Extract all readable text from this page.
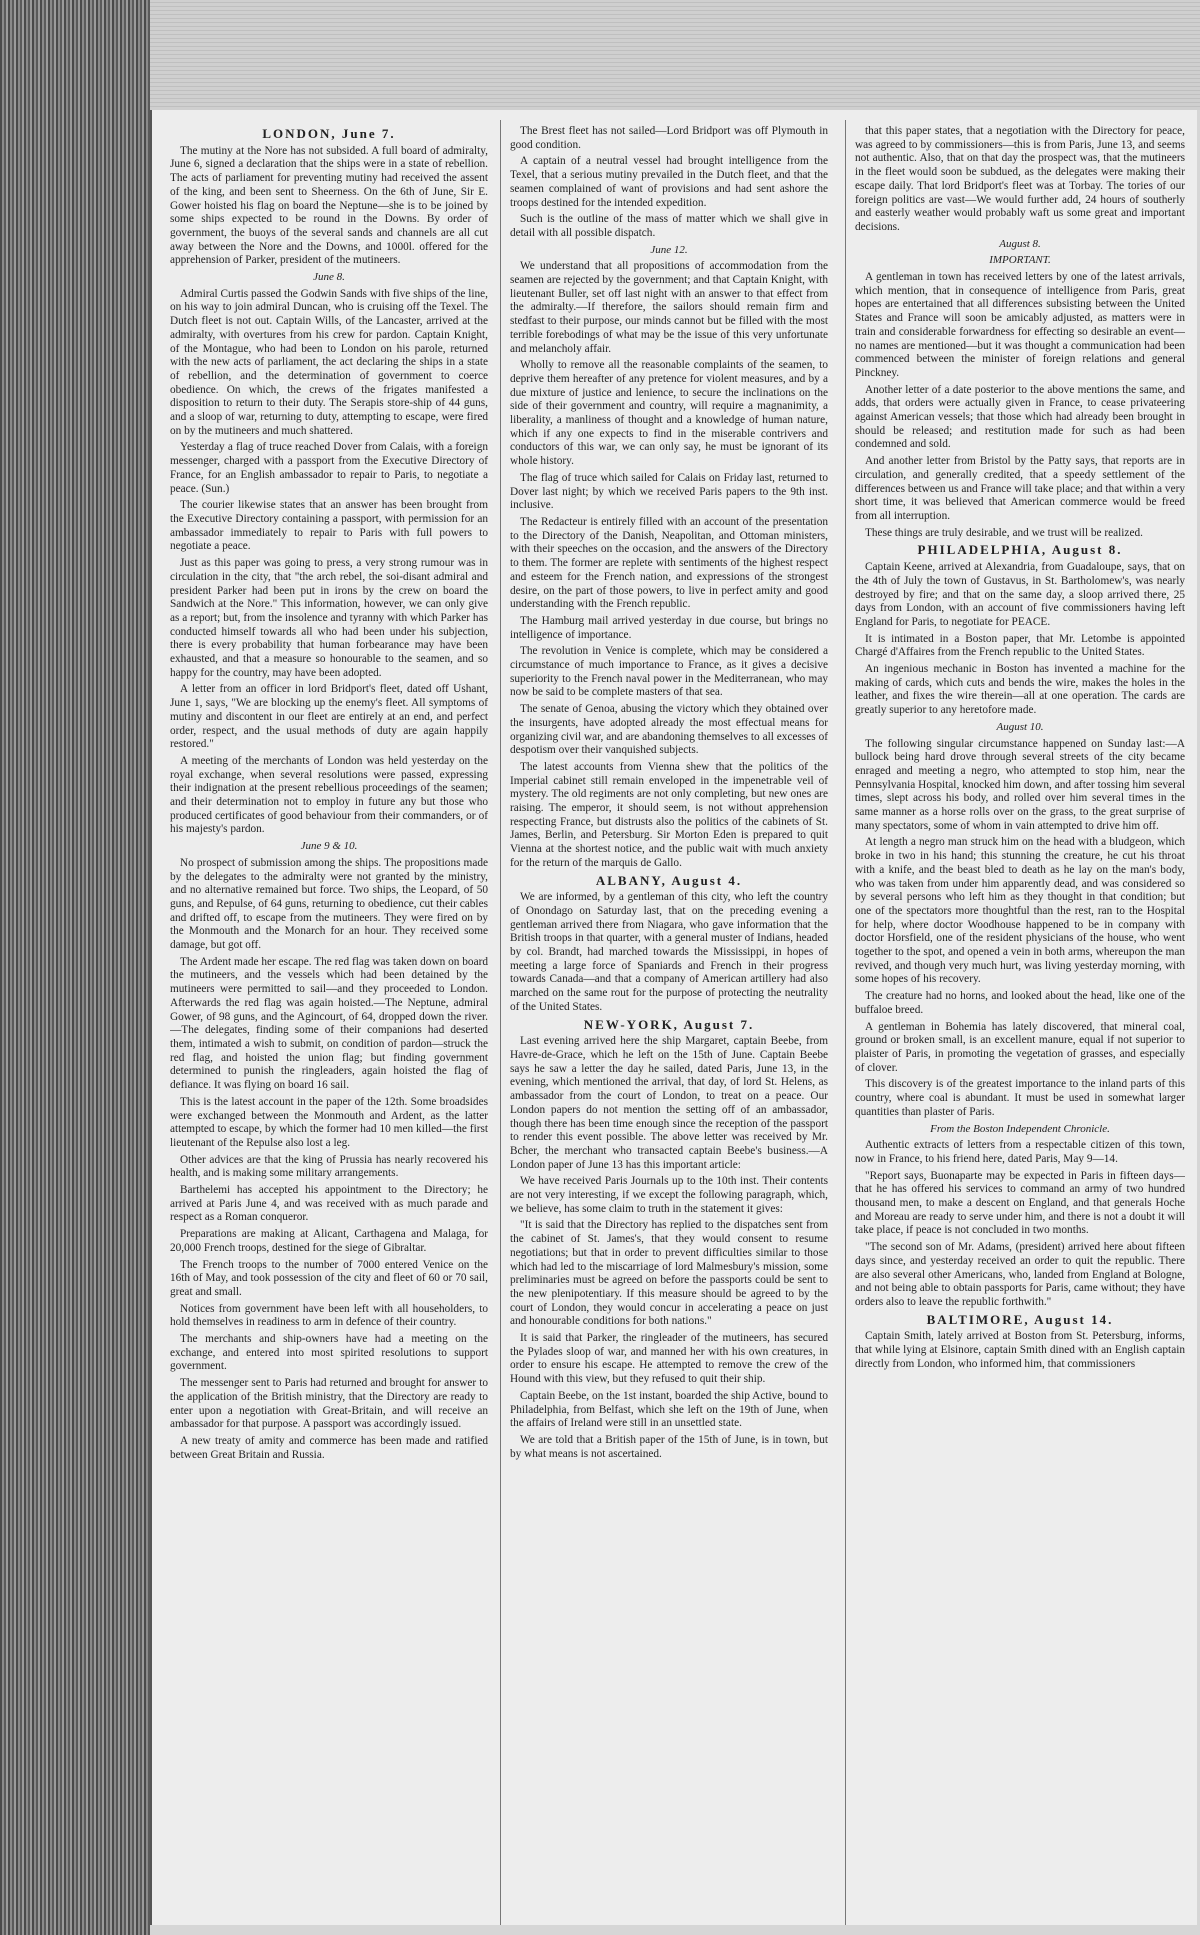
LONDON, June 7.

The mutiny at the Nore has not subsided. A full board of admiralty, June 6, signed a declaration that the ships were in a state of rebellion. The acts of parliament for preventing mutiny had received the assent of the king, and been sent to Sheerness. On the 6th of June, Sir E. Gower hoisted his flag on board the Neptune—she is to be joined by some ships expected to be round in the Downs. By order of government, the buoys of the several sands and channels are all cut away between the Nore and the Downs, and 1000l. offered for the apprehension of Parker, president of the mutineers.

June 8.

Admiral Curtis passed the Godwin Sands with five ships of the line, on his way to join admiral Duncan, who is cruising off the Texel. The Dutch fleet is not out. Captain Wills, of the Lancaster, arrived at the admiralty, with overtures from his crew for pardon. Captain Knight, of the Montague, who had been to London on his parole, returned with the new acts of parliament, the act declaring the ships in a state of rebellion, and the determination of government to coerce obedience. On which, the crews of the frigates manifested a disposition to return to their duty. The Serapis store-ship of 44 guns, and a sloop of war, returning to duty, attempting to escape, were fired on by the mutineers and much shattered.

Yesterday a flag of truce reached Dover from Calais, with a foreign messenger, charged with a passport from the Executive Directory of France, for an English ambassador to repair to Paris, to negotiate a peace. (Sun.)

The courier likewise states that an answer has been brought from the Executive Directory containing a passport, with permission for an ambassador immediately to repair to Paris with full powers to negotiate a peace.

Just as this paper was going to press, a very strong rumour was in circulation in the city, that "the arch rebel, the soi-disant admiral and president Parker had been put in irons by the crew on board the Sandwich at the Nore." This information, however, we can only give as a report; but, from the insolence and tyranny with which Parker has conducted himself towards all who had been under his subjection, there is every probability that human forbearance may have been exhausted, and that a measure so honourable to the seamen, and so happy for the country, may have been adopted.

A letter from an officer in lord Bridport's fleet, dated off Ushant, June 1, says, "We are blocking up the enemy's fleet. All symptoms of mutiny and discontent in our fleet are entirely at an end, and perfect order, respect, and the usual methods of duty are again happily restored."

A meeting of the merchants of London was held yesterday on the royal exchange, when several resolutions were passed, expressing their indignation at the present rebellious proceedings of the seamen; and their determination not to employ in future any but those who produced certificates of good behaviour from their commanders, or of his majesty's pardon.

June 9 & 10.

No prospect of submission among the ships. The propositions made by the delegates to the admiralty were not granted by the ministry, and no alternative remained but force. Two ships, the Leopard, of 50 guns, and Repulse, of 64 guns, returning to obedience, cut their cables and drifted off, to escape from the mutineers. They were fired on by the Monmouth and the Monarch for an hour. They received some damage, but got off.

The Ardent made her escape. The red flag was taken down on board the mutineers, and the vessels which had been detained by the mutineers were permitted to sail—and they proceeded to London. Afterwards the red flag was again hoisted.—The Neptune, admiral Gower, of 98 guns, and the Agincourt, of 64, dropped down the river.—The delegates, finding some of their companions had deserted them, intimated a wish to submit, on condition of pardon—struck the red flag, and hoisted the union flag; but finding government determined to punish the ringleaders, again hoisted the flag of defiance. It was flying on board 16 sail.

This is the latest account in the paper of the 12th. Some broadsides were exchanged between the Monmouth and Ardent, as the latter attempted to escape, by which the former had 10 men killed—the first lieutenant of the Repulse also lost a leg.

Other advices are that the king of Prussia has nearly recovered his health, and is making some military arrangements.

Barthelemi has accepted his appointment to the Directory; he arrived at Paris June 4, and was received with as much parade and respect as a Roman conqueror.

Preparations are making at Alicant, Carthagena and Malaga, for 20,000 French troops, destined for the siege of Gibraltar.

The French troops to the number of 7000 entered Venice on the 16th of May, and took possession of the city and fleet of 60 or 70 sail, great and small.

Notices from government have been left with all householders, to hold themselves in readiness to arm in defence of their country.

The merchants and ship-owners have had a meeting on the exchange, and entered into most spirited resolutions to support government.

The messenger sent to Paris had returned and brought for answer to the application of the British ministry, that the Directory are ready to enter upon a negotiation with Great-Britain, and will receive an ambassador for that purpose. A passport was accordingly issued.

A new treaty of amity and commerce has been made and ratified between Great Britain and Russia.

The Brest fleet has not sailed—Lord Bridport was off Plymouth in good condition.

A captain of a neutral vessel had brought intelligence from the Texel, that a serious mutiny prevailed in the Dutch fleet, and that the seamen complained of want of provisions and had sent ashore the troops destined for the intended expedition.

Such is the outline of the mass of matter which we shall give in detail with all possible dispatch.

June 12.

We understand that all propositions of accommodation from the seamen are rejected by the government; and that Captain Knight, with lieutenant Buller, set off last night with an answer to that effect from the admiralty.—If therefore, the sailors should remain firm and stedfast to their purpose, our minds cannot but be filled with the most terrible forebodings of what may be the issue of this very unfortunate and melancholy affair.

Wholly to remove all the reasonable complaints of the seamen, to deprive them hereafter of any pretence for violent measures, and by a due mixture of justice and lenience, to secure the inclinations on the side of their government and country, will require a magnanimity, a liberality, a manliness of thought and a knowledge of human nature, which if any one expects to find in the miserable contrivers and conductors of this war, we can only say, he must be ignorant of its whole history.

The flag of truce which sailed for Calais on Friday last, returned to Dover last night; by which we received Paris papers to the 9th inst. inclusive.

The Redacteur is entirely filled with an account of the presentation to the Directory of the Danish, Neapolitan, and Ottoman ministers, with their speeches on the occasion, and the answers of the Directory to them. The former are replete with sentiments of the highest respect and esteem for the French nation, and expressions of the strongest desire, on the part of those powers, to live in perfect amity and good understanding with the French republic.

The Hamburg mail arrived yesterday in due course, but brings no intelligence of importance.

The revolution in Venice is complete, which may be considered a circumstance of much importance to France, as it gives a decisive superiority to the French naval power in the Mediterranean, who may now be said to be complete masters of that sea.

The senate of Genoa, abusing the victory which they obtained over the insurgents, have adopted already the most effectual means for organizing civil war, and are abandoning themselves to all excesses of despotism over their vanquished subjects.

The latest accounts from Vienna shew that the politics of the Imperial cabinet still remain enveloped in the impenetrable veil of mystery. The old regiments are not only completing, but new ones are raising. The emperor, it should seem, is not without apprehension respecting France, but distrusts also the politics of the cabinets of St. James, Berlin, and Petersburg. Sir Morton Eden is prepared to quit Vienna at the shortest notice, and the public wait with much anxiety for the return of the marquis de Gallo.

ALBANY, August 4.

We are informed, by a gentleman of this city, who left the country of Onondago on Saturday last, that on the preceding evening a gentleman arrived there from Niagara, who gave information that the British troops in that quarter, with a general muster of Indians, headed by col. Brandt, had marched towards the Mississippi, in hopes of meeting a large force of Spaniards and French in their progress towards Canada—and that a company of American artillery had also marched on the same rout for the purpose of protecting the neutrality of the United States.

NEW-YORK, August 7.

Last evening arrived here the ship Margaret, captain Beebe, from Havre-de-Grace, which he left on the 15th of June. Captain Beebe says he saw a letter the day he sailed, dated Paris, June 13, in the evening, which mentioned the arrival, that day, of lord St. Helens, as ambassador from the court of London, to treat on a peace. Our London papers do not mention the setting off of an ambassador, though there has been time enough since the reception of the passport to render this event possible. The above letter was received by Mr. Bcher, the merchant who transacted captain Beebe's business.—A London paper of June 13 has this important article:

We have received Paris Journals up to the 10th inst. Their contents are not very interesting, if we except the following paragraph, which, we believe, has some claim to truth in the statement it gives:

"It is said that the Directory has replied to the dispatches sent from the cabinet of St. James's, that they would consent to resume negotiations; but that in order to prevent difficulties similar to those which had led to the miscarriage of lord Malmesbury's mission, some preliminaries must be agreed on before the passports could be sent to the new plenipotentiary. If this measure should be agreed to by the court of London, they would concur in accelerating a peace on just and honourable conditions for both nations."

It is said that Parker, the ringleader of the mutineers, has secured the Pylades sloop of war, and manned her with his own creatures, in order to ensure his escape. He attempted to remove the crew of the Hound with this view, but they refused to quit their ship.

Captain Beebe, on the 1st instant, boarded the ship Active, bound to Philadelphia, from Belfast, which she left on the 19th of June, when the affairs of Ireland were still in an unsettled state.

We are told that a British paper of the 15th of June, is in town, but by what means is not ascertained.

that this paper states, that a negotiation with the Directory for peace, was agreed to by commissioners—this is from Paris, June 13, and seems not authentic. Also, that on that day the prospect was, that the mutineers in the fleet would soon be subdued, as the delegates were making their escape daily. That lord Bridport's fleet was at Torbay. The tories of our foreign politics are vast—We would further add, 24 hours of southerly and easterly weather would probably waft us some great and important decisions.

August 8.
IMPORTANT.

A gentleman in town has received letters by one of the latest arrivals, which mention, that in consequence of intelligence from Paris, great hopes are entertained that all differences subsisting between the United States and France will soon be amicably adjusted, as matters were in train and considerable forwardness for effecting so desirable an event—no names are mentioned—but it was thought a communication had been commenced between the minister of foreign relations and general Pinckney.

Another letter of a date posterior to the above mentions the same, and adds, that orders were actually given in France, to cease privateering against American vessels; that those which had already been brought in should be released; and restitution made for such as had been condemned and sold.

And another letter from Bristol by the Patty says, that reports are in circulation, and generally credited, that a speedy settlement of the differences between us and France will take place; and that within a very short time, it was believed that American commerce would be freed from all interruption.

These things are truly desirable, and we trust will be realized.

PHILADELPHIA, August 8.

Captain Keene, arrived at Alexandria, from Guadaloupe, says, that on the 4th of July the town of Gustavus, in St. Bartholomew's, was nearly destroyed by fire; and that on the same day, a sloop arrived there, 25 days from London, with an account of five commissioners having left England for Paris, to negotiate for PEACE.

It is intimated in a Boston paper, that Mr. Letombe is appointed Chargé d'Affaires from the French republic to the United States.

An ingenious mechanic in Boston has invented a machine for the making of cards, which cuts and bends the wire, makes the holes in the leather, and fixes the wire therein—all at one operation. The cards are greatly superior to any heretofore made.

August 10.

The following singular circumstance happened on Sunday last:—A bullock being hard drove through several streets of the city became enraged and meeting a negro, who attempted to stop him, near the Pennsylvania Hospital, knocked him down, and after tossing him several times, slept across his body, and rolled over him several times in the same manner as a horse rolls over on the grass, to the great surprise of many spectators, some of whom in vain attempted to drive him off.

At length a negro man struck him on the head with a bludgeon, which broke in two in his hand; this stunning the creature, he cut his throat with a knife, and the beast bled to death as he lay on the man's body, who was taken from under him apparently dead, and was considered so by several persons who left him as they thought in that condition; but one of the spectators more thoughtful than the rest, ran to the Hospital for help, where doctor Woodhouse happened to be in company with doctor Horsfield, one of the resident physicians of the house, who went together to the spot, and opened a vein in both arms, whereupon the man revived, and though very much hurt, was living yesterday morning, with some hopes of his recovery.

The creature had no horns, and looked about the head, like one of the buffaloe breed.

A gentleman in Bohemia has lately discovered, that mineral coal, ground or broken small, is an excellent manure, equal if not superior to plaister of Paris, in promoting the vegetation of grasses, and especially of clover.

This discovery is of the greatest importance to the inland parts of this country, where coal is abundant. It must be used in somewhat larger quantities than plaster of Paris.

From the Boston Independent Chronicle.

Authentic extracts of letters from a respectable citizen of this town, now in France, to his friend here, dated Paris, May 9—14.

"Report says, Buonaparte may be expected in Paris in fifteen days—that he has offered his services to command an army of two hundred thousand men, to make a descent on England, and that generals Hoche and Moreau are ready to serve under him, and there is not a doubt it will take place, if peace is not concluded in two months.

"The second son of Mr. Adams, (president) arrived here about fifteen days since, and yesterday received an order to quit the republic. There are also several other Americans, who, landed from England at Bologne, and not being able to obtain passports for Paris, came without; they have orders also to leave the republic forthwith."

BALTIMORE, August 14.

Captain Smith, lately arrived at Boston from St. Petersburg, informs, that while lying at Elsinore, captain Smith dined with an English captain directly from London, who informed him, that commissioners
